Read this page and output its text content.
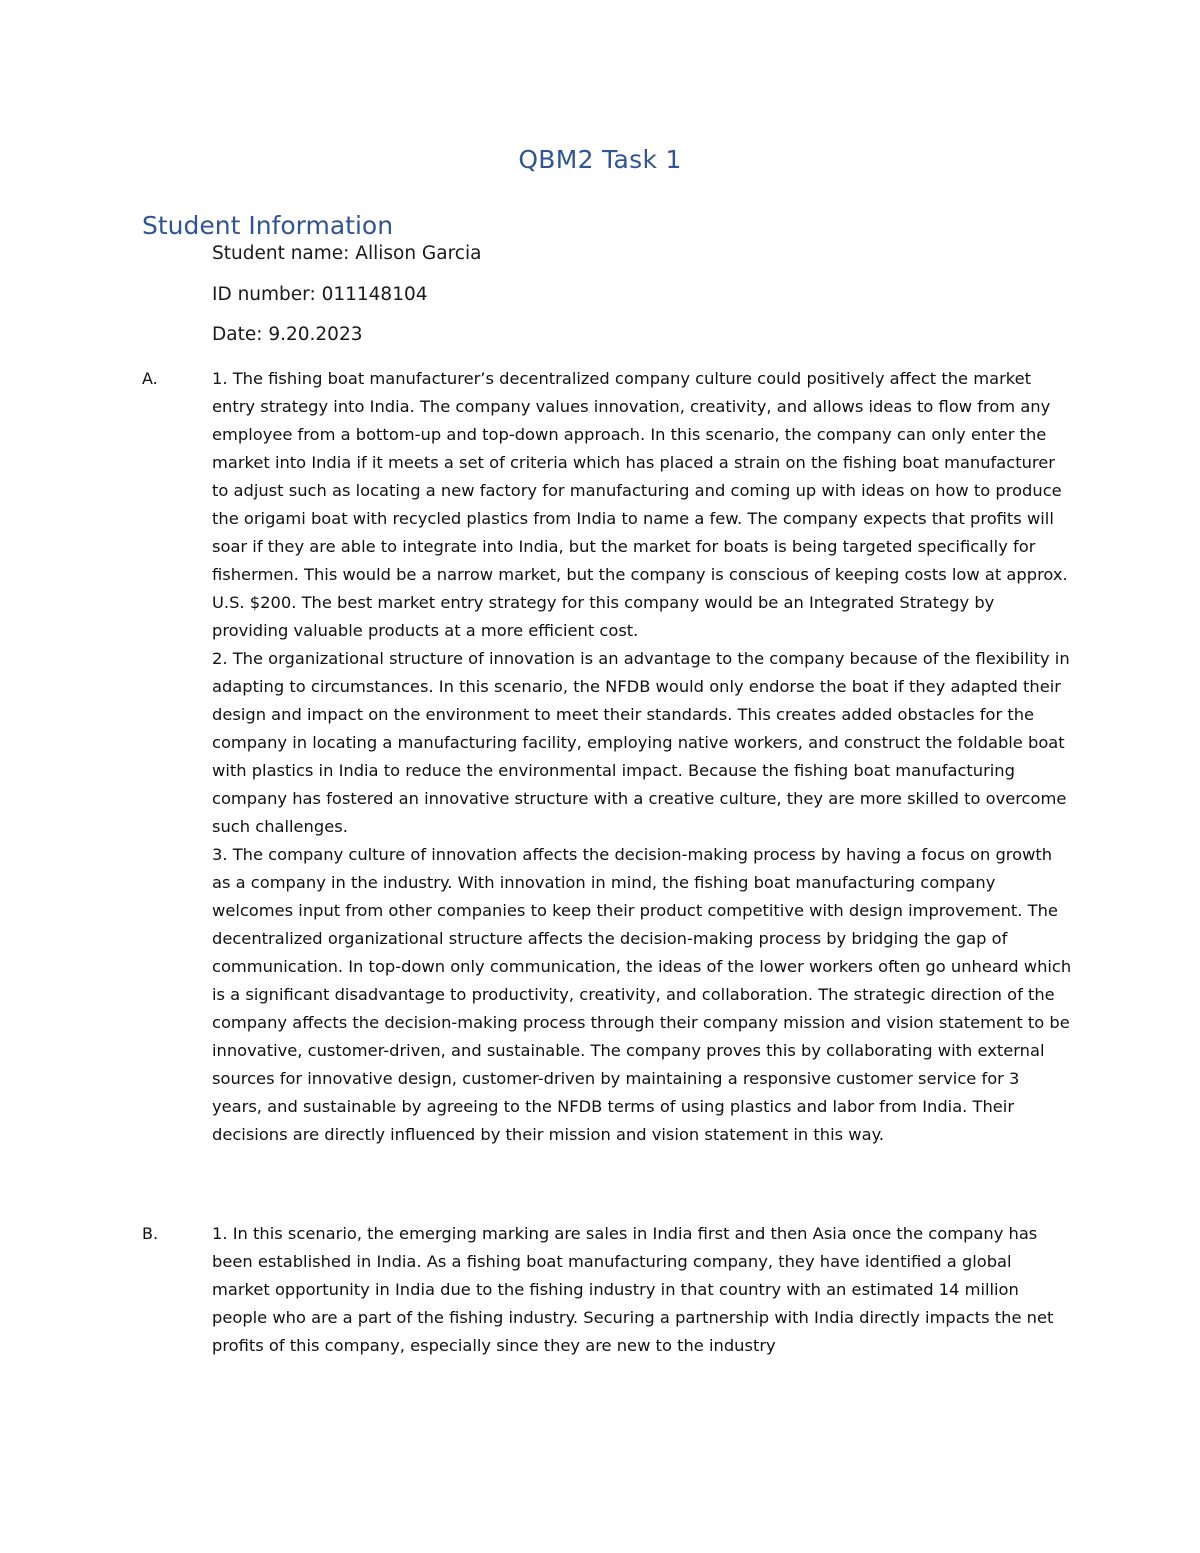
QBM2 Task 1
Student Information
Student name: Allison Garcia
ID number: 011148104
Date: 9.20.2023
A.	1. The fishing boat manufacturer’s decentralized company culture could positively affect the market entry strategy into India. The company values innovation, creativity, and allows ideas to flow from any employee from a bottom-up and top-down approach. In this scenario, the company can only enter the market into India if it meets a set of criteria which has placed a strain on the fishing boat manufacturer to adjust such as locating a new factory for manufacturing and coming up with ideas on how to produce the origami boat with recycled plastics from India to name a few. The company expects that profits will soar if they are able to integrate into India, but the market for boats is being targeted specifically for fishermen. This would be a narrow market, but the company is conscious of keeping costs low at approx. U.S. $200. The best market entry strategy for this company would be an Integrated Strategy by providing valuable products at a more efficient cost.

2. The organizational structure of innovation is an advantage to the company because of the flexibility in adapting to circumstances. In this scenario, the NFDB would only endorse the boat if they adapted their design and impact on the environment to meet their standards. This creates added obstacles for the company in locating a manufacturing facility, employing native workers, and construct the foldable boat with plastics in India to reduce the environmental impact. Because the fishing boat manufacturing company has fostered an innovative structure with a creative culture, they are more skilled to overcome such challenges.

3. The company culture of innovation affects the decision-making process by having a focus on growth as a company in the industry. With innovation in mind, the fishing boat manufacturing company welcomes input from other companies to keep their product competitive with design improvement. The decentralized organizational structure affects the decision-making process by bridging the gap of communication. In top-down only communication, the ideas of the lower workers often go unheard which is a significant disadvantage to productivity, creativity, and collaboration. The strategic direction of the company affects the decision-making process through their company mission and vision statement to be innovative, customer-driven, and sustainable. The company proves this by collaborating with external sources for innovative design, customer-driven by maintaining a responsive customer service for 3 years, and sustainable by agreeing to the NFDB terms of using plastics and labor from India. Their decisions are directly influenced by their mission and vision statement in this way.

B.	1. In this scenario, the emerging marking are sales in India first and then Asia once the company has been established in India. As a fishing boat manufacturing company, they have identified a global market opportunity in India due to the fishing industry in that country with an estimated 14 million people who are a part of the fishing industry. Securing a partnership with India directly impacts the net profits of this company, especially since they are new to the industry
